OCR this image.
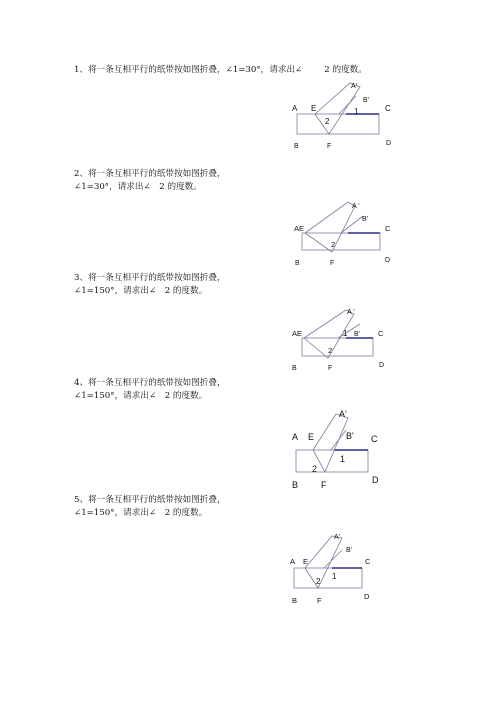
1、将一条互相平行的纸带按如图折叠，∠1=30°，请求出∠	2 的度数。
A E
A'
B'
C
1
2
B	F	D
2、将一条互相平行的纸带按如图折叠，
∠1=30°，请求出∠　2 的度数。
AE
A '
B'
C
2
B	F	D
3、将一条互相平行的纸带按如图折叠，
∠1=150°，请求出∠　2 的度数。
AE
A '
B' C
1
2
B	F	D
4、将一条互相平行的纸带按如图折叠，
∠1=150°，请求出∠　2 的度数。
A'
A E	B' C
1
2
B	F	D
5、将一条互相平行的纸带按如图折叠，
∠1=150°，请求出∠　2 的度数。
A'
A E
B'
C
1
2
B	F	D
